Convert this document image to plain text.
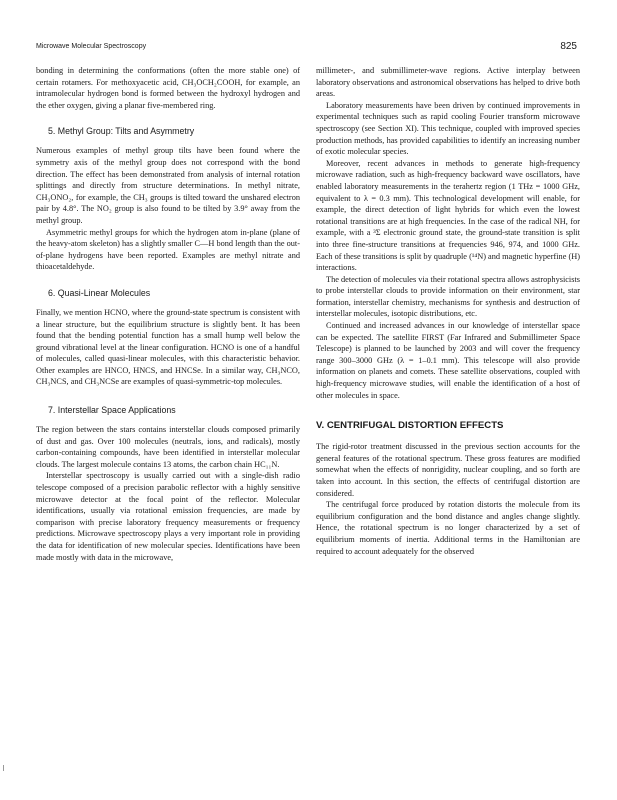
Microwave Molecular Spectroscopy	825

bonding in determining the conformations (often the more stable one) of certain rotamers. For methoxyacetic acid, CH₃OCH₂COOH, for example, an intramolecular hydrogen bond is formed between the hydroxyl hydrogen and the ether oxygen, giving a planar five-membered ring.

5. Methyl Group: Tilts and Asymmetry

Numerous examples of methyl group tilts have been found where the symmetry axis of the methyl group does not correspond with the bond direction. The effect has been demonstrated from analysis of internal rotation splittings and directly from structure determinations. In methyl nitrate, CH₃ONO₂, for example, the CH₃ groups is tilted toward the unshared electron pair by 4.8°. The NO₂ group is also found to be tilted by 3.9° away from the methyl group.

Asymmetric methyl groups for which the hydrogen atom in-plane (plane of the heavy-atom skeleton) has a slightly smaller C—H bond length than the out-of-plane hydrogens have been reported. Examples are methyl nitrate and thioacetaldehyde.

6. Quasi-Linear Molecules

Finally, we mention HCNO, where the ground-state spectrum is consistent with a linear structure, but the equilibrium structure is slightly bent. It has been found that the bending potential function has a small hump well below the ground vibrational level at the linear configuration. HCNO is one of a handful of molecules, called quasi-linear molecules, with this characteristic behavior. Other examples are HNCO, HNCS, and HNCSe. In a similar way, CH₃NCO, CH₃NCS, and CH₃NCSe are examples of quasi-symmetric-top molecules.

7. Interstellar Space Applications

The region between the stars contains interstellar clouds composed primarily of dust and gas. Over 100 molecules (neutrals, ions, and radicals), mostly carbon-containing compounds, have been identified in interstellar molecular clouds. The largest molecule contains 13 atoms, the carbon chain HC₁₁N.

Interstellar spectroscopy is usually carried out with a single-dish radio telescope composed of a precision parabolic reflector with a highly sensitive microwave detector at the focal point of the reflector. Molecular identifications, usually via rotational emission frequencies, are made by comparison with precise laboratory frequency measurements or frequency predictions. Microwave spectroscopy plays a very important role in providing the data for identification of new molecular species. Identifications have been made mostly with data in the microwave,

millimeter-, and submillimeter-wave regions. Active interplay between laboratory observations and astronomical observations has helped to drive both areas.

Laboratory measurements have been driven by continued improvements in experimental techniques such as rapid cooling Fourier transform microwave spectroscopy (see Section XI). This technique, coupled with improved species production methods, has provided capabilities to identify an increasing number of exotic molecular species.

Moreover, recent advances in methods to generate high-frequency microwave radiation, such as high-frequency backward wave oscillators, have enabled laboratory measurements in the terahertz region (1 THz = 1000 GHz, equivalent to λ = 0.3 mm). This technological development will enable, for example, the direct detection of light hybrids for which even the lowest rotational transitions are at high frequencies. In the case of the radical NH, for example, with a ³Σ electronic ground state, the ground-state transition is split into three fine-structure transitions at frequencies 946, 974, and 1000 GHz. Each of these transitions is split by quadruple (¹⁴N) and magnetic hyperfine (H) interactions.

The detection of molecules via their rotational spectra allows astrophysicists to probe interstellar clouds to provide information on their environment, star formation, interstellar chemistry, mechanisms for synthesis and destruction of interstellar molecules, isotopic distributions, etc.

Continued and increased advances in our knowledge of interstellar space can be expected. The satellite FIRST (Far Infrared and Submillimeter Space Telescope) is planned to be launched by 2003 and will cover the frequency range 300–3000 GHz (λ = 1–0.1 mm). This telescope will also provide information on planets and comets. These satellite observations, coupled with high-frequency microwave studies, will enable the identification of a host of other molecules in space.

V. CENTRIFUGAL DISTORTION EFFECTS

The rigid-rotor treatment discussed in the previous section accounts for the general features of the rotational spectrum. These gross features are modified somewhat when the effects of nonrigidity, nuclear coupling, and so forth are taken into account. In this section, the effects of centrifugal distortion are considered.

The centrifugal force produced by rotation distorts the molecule from its equilibrium configuration and the bond distance and angles change slightly. Hence, the rotational spectrum is no longer characterized by a set of equilibrium moments of inertia. Additional terms in the Hamiltonian are required to account adequately for the observed
